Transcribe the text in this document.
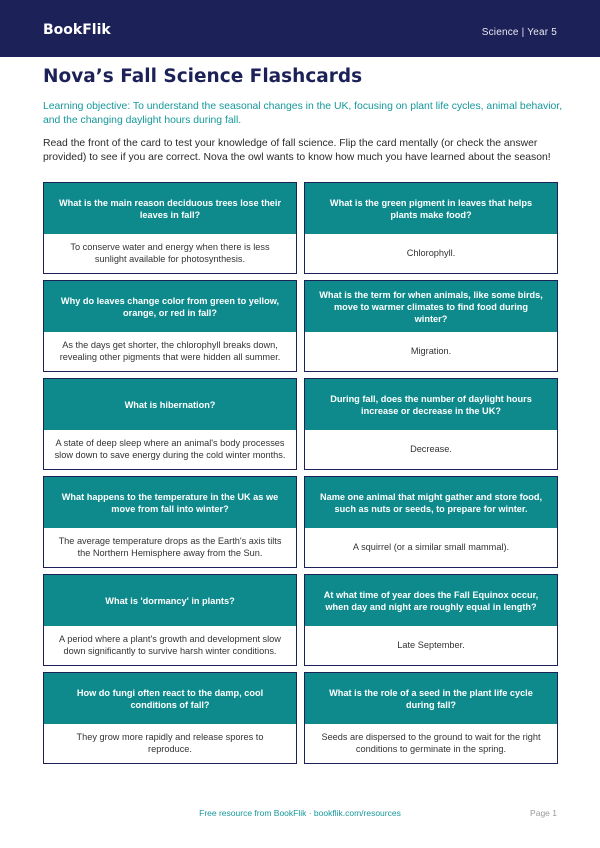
BookFlik	Science | Year 5
Nova’s Fall Science Flashcards

Learning objective: To understand the seasonal changes in the UK, focusing on plant life cycles, animal behavior, and the changing daylight hours during fall.

Read the front of the card to test your knowledge of fall science. Flip the card mentally (or check the answer provided) to see if you are correct. Nova the owl wants to know how much you have learned about the season!

What is the main reason deciduous trees lose their leaves in fall?
To conserve water and energy when there is less sunlight available for photosynthesis.
What is the green pigment in leaves that helps plants make food?
Chlorophyll.
Why do leaves change color from green to yellow, orange, or red in fall?
As the days get shorter, the chlorophyll breaks down, revealing other pigments that were hidden all summer.
What is the term for when animals, like some birds, move to warmer climates to find food during winter?
Migration.
What is hibernation?
A state of deep sleep where an animal's body processes slow down to save energy during the cold winter months.
During fall, does the number of daylight hours increase or decrease in the UK?
Decrease.
What happens to the temperature in the UK as we move from fall into winter?
The average temperature drops as the Earth's axis tilts the Northern Hemisphere away from the Sun.
Name one animal that might gather and store food, such as nuts or seeds, to prepare for winter.
A squirrel (or a similar small mammal).
What is 'dormancy' in plants?
A period where a plant's growth and development slow down significantly to survive harsh winter conditions.
At what time of year does the Fall Equinox occur, when day and night are roughly equal in length?
Late September.
How do fungi often react to the damp, cool conditions of fall?
They grow more rapidly and release spores to reproduce.
What is the role of a seed in the plant life cycle during fall?
Seeds are dispersed to the ground to wait for the right conditions to germinate in the spring.
Free resource from BookFlik · bookflik.com/resources	Page 1
